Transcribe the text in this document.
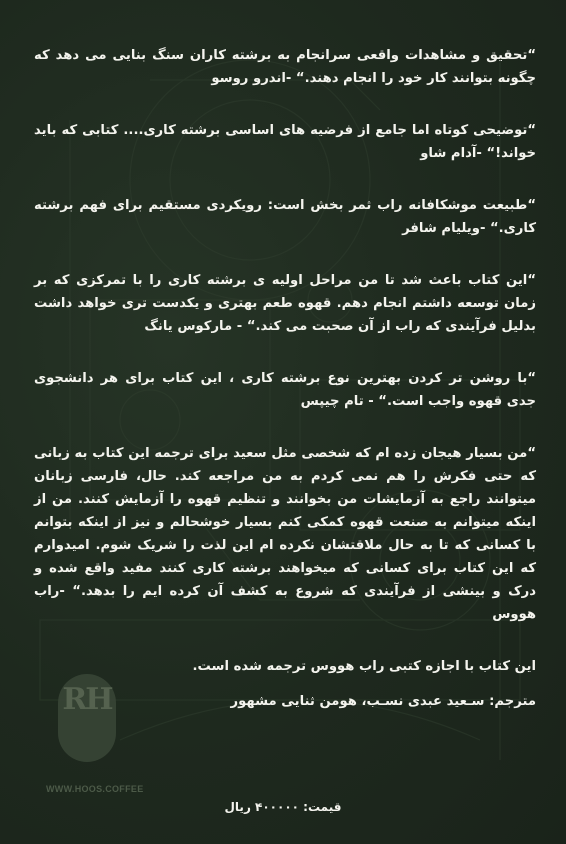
“تحقیق و مشاهدات واقعی سرانجام به برشته کاران سنگ بنایی می دهد که چگونه بتوانند کار خود را انجام دهند.“ -اندرو روسو

“توضیحی کوتاه اما جامع از فرضیه های اساسی برشته کاری.... کتابی که باید خواند!“ -آدام شاو

“طبیعت موشکافانه راب ثمر بخش است: رویکردی مستقیم برای فهم برشته کاری.“ -ویلیام شافر

“این کتاب باعث شد تا من مراحل اولیه ی برشته کاری را با تمرکزی که بر زمان توسعه داشتم انجام دهم. قهوه طعم بهتری و یکدست تری خواهد داشت بدلیل فرآیندی که راب از آن صحبت می کند.“ - مارکوس یانگ

“با روشن تر کردن بهترین نوع برشته کاری ، این کتاب برای هر دانشجوی جدی قهوه واجب است.“ - تام چیپس

“من بسیار هیجان زده ام که شخصی مثل سعید برای ترجمه این کتاب به زبانی که حتی فکرش را هم نمی کردم به من مراجعه کند. حال، فارسی زبانان میتوانند راجع به آزمایشات من بخوانند و تنظیم قهوه را آزمایش کنند. من از اینکه میتوانم به صنعت قهوه کمکی کنم بسیار خوشحالم و نیز از اینکه بتوانم با کسانی که تا به حال ملاقتشان نکرده ام این لذت را شریک شوم. امیدوارم که این کتاب برای کسانی که میخواهند برشته کاری کنند مفید واقع شده و درک و بینشی از فرآیندی که شروع به کشف آن کرده ایم را بدهد.“ -راب هووس

این کتاب با اجازه کتبی راب هووس ترجمه شده است.

مترجم: سـعید عبدی نسـب، هومن ثنایی مشهور

RH
WWW.HOOS.COFFEE
قیمت: ۴۰۰۰۰۰ ریال
